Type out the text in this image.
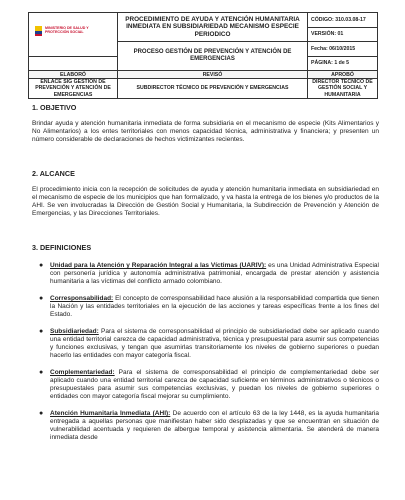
MINISTERIO DE SALUD Y PROTECCIÓN SOCIAL	PROCEDIMIENTO DE AYUDA Y ATENCIÓN HUMANITARIA INMEDIATA EN SUBSIDIARIEDAD MECANISMO ESPECIE PERIODICO	CÓDIGO: 310.03.08-17
		VERSIÓN: 01
	PROCESO GESTIÓN DE PREVENCIÓN Y ATENCIÓN DE EMERGENCIAS	Fecha: 06/10/2015
		PÁGINA: 1 de 5
ELABORÓ	REVISÓ	APROBÓ
ENLACE SIG GESTIÓN DE PREVENCIÓN Y ATENCIÓN DE EMERGENCIAS	SUBDIRECTOR TÉCNICO DE PREVENCIÓN Y EMERGENCIAS	DIRECTOR TÉCNICO DE GESTIÓN SOCIAL Y HUMANITARIA
1. OBJETIVO
Brindar ayuda y atención humanitaria inmediata de forma subsidiaria en el mecanismo de especie (Kits Alimentarios y No Alimentarios) a los entes territoriales con menos capacidad técnica, administrativa y financiera; y presenten un número considerable de declaraciones de hechos victimizantes recientes.
2. ALCANCE
El procedimiento inicia con la recepción de solicitudes de ayuda y atención humanitaria inmediata en subsidiariedad en el mecanismo de especie de los municipios que han formalizado, y va hasta la entrega de los bienes y/o productos de la AHI. Se ven involucradas la Dirección de Gestión Social y Humanitaria, la Subdirección de Prevención y Atención de Emergencias, y las Direcciones Territoriales.
3. DEFINICIONES
● Unidad para la Atención y Reparación Integral a las Víctimas (UARIV): es una Unidad Administrativa Especial con personería jurídica y autonomía administrativa patrimonial, encargada de prestar atención y asistencia humanitaria a las víctimas del conflicto armado colombiano.
● Corresponsabilidad: El concepto de corresponsabilidad hace alusión a la responsabilidad compartida que tienen la Nación y las entidades territoriales en la ejecución de las acciones y tareas específicas frente a los fines del Estado.
● Subsidiariedad: Para el sistema de corresponsabilidad el principio de subsidiariedad debe ser aplicado cuando una entidad territorial carezca de capacidad administrativa, técnica y presupuestal para asumir sus competencias y funciones exclusivas, y tengan que asumirlas transitoriamente los niveles de gobierno superiores o puedan hacerlo las entidades con mayor categoría fiscal.
● Complementariedad: Para el sistema de corresponsabilidad el principio de complementariedad debe ser aplicado cuando una entidad territorial carezca de capacidad suficiente en términos administrativos o técnicos o presupuestales para asumir sus competencias exclusivas, y puedan los niveles de gobierno superiores o entidades con mayor categoría fiscal mejorar su cumplimiento.
● Atención Humanitaria Inmediata (AHI): De acuerdo con el artículo 63 de la ley 1448, es la ayuda humanitaria entregada a aquellas personas que manifiestan haber sido desplazadas y que se encuentran en situación de vulnerabilidad acentuada y requieren de albergue temporal y asistencia alimentaria. Se atenderá de manera inmediata desde
